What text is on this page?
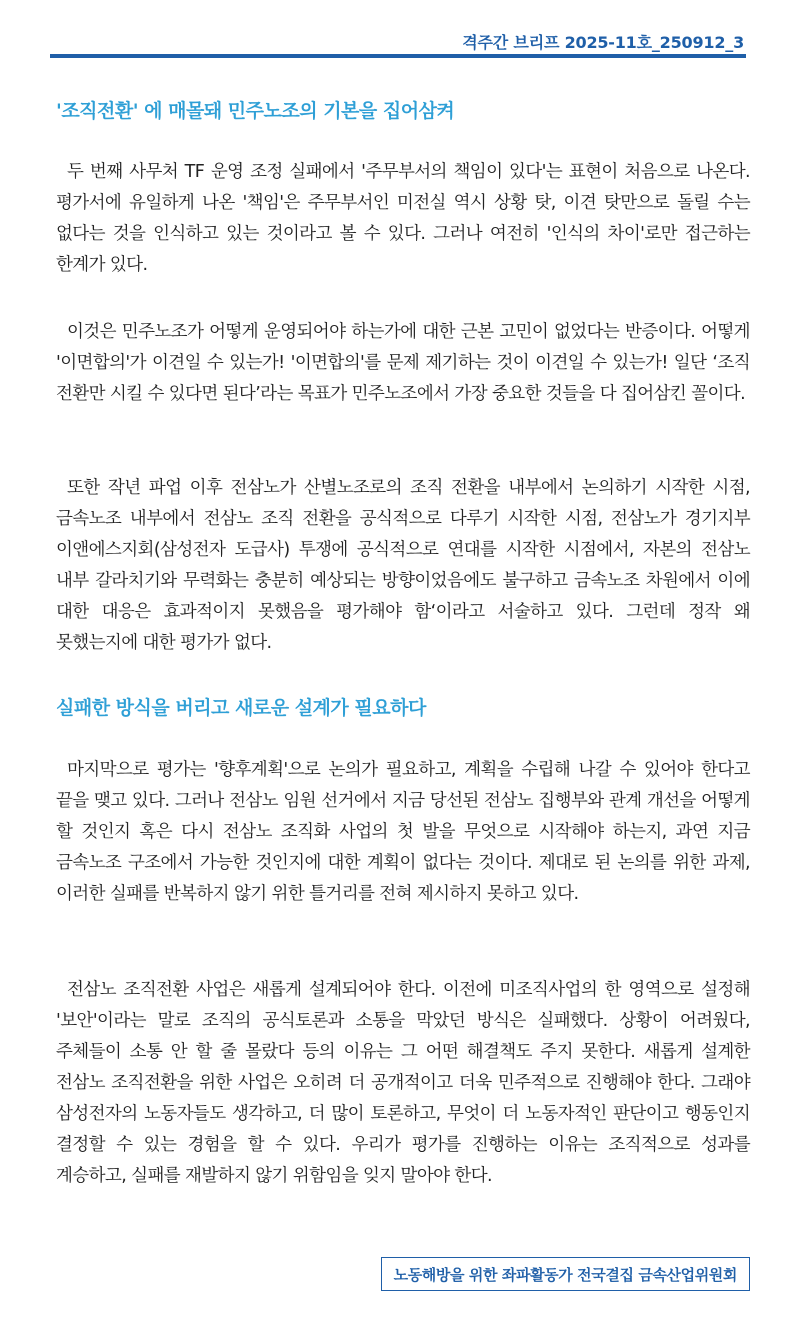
격주간 브리프 2025-11호_250912_3
'조직전환' 에 매몰돼 민주노조의 기본을 집어삼켜

두 번째 사무처 TF 운영 조정 실패에서 '주무부서의 책임이 있다'는 표현이 처음으로 나온다. 평가서에 유일하게 나온 '책임'은 주무부서인 미전실 역시 상황 탓, 이견 탓만으로 돌릴 수는 없다는 것을 인식하고 있는 것이라고 볼 수 있다. 그러나 여전히 '인식의 차이'로만 접근하는 한계가 있다.

이것은 민주노조가 어떻게 운영되어야 하는가에 대한 근본 고민이 없었다는 반증이다. 어떻게 '이면합의'가 이견일 수 있는가! '이면합의'를 문제 제기하는 것이 이견일 수 있는가! 일단 ‘조직 전환만 시킬 수 있다면 된다’라는 목표가 민주노조에서 가장 중요한 것들을 다 집어삼킨 꼴이다.

또한 작년 파업 이후 전삼노가 산별노조로의 조직 전환을 내부에서 논의하기 시작한 시점, 금속노조 내부에서 전삼노 조직 전환을 공식적으로 다루기 시작한 시점, 전삼노가 경기지부 이앤에스지회(삼성전자 도급사) 투쟁에 공식적으로 연대를 시작한 시점에서, 자본의 전삼노 내부 갈라치기와 무력화는 충분히 예상되는 방향이었음에도 불구하고 금속노조 차원에서 이에 대한 대응은 효과적이지 못했음을 평가해야 함‘이라고 서술하고 있다. 그런데 정작 왜 못했는지에 대한 평가가 없다.

실패한 방식을 버리고 새로운 설계가 필요하다

마지막으로 평가는 '향후계획'으로 논의가 필요하고, 계획을 수립해 나갈 수 있어야 한다고 끝을 맺고 있다. 그러나 전삼노 임원 선거에서 지금 당선된 전삼노 집행부와 관계 개선을 어떻게 할 것인지 혹은 다시 전삼노 조직화 사업의 첫 발을 무엇으로 시작해야 하는지, 과연 지금 금속노조 구조에서 가능한 것인지에 대한 계획이 없다는 것이다. 제대로 된 논의를 위한 과제, 이러한 실패를 반복하지 않기 위한 틀거리를 전혀 제시하지 못하고 있다.

전삼노 조직전환 사업은 새롭게 설계되어야 한다. 이전에 미조직사업의 한 영역으로 설정해 '보안'이라는 말로 조직의 공식토론과 소통을 막았던 방식은 실패했다. 상황이 어려웠다, 주체들이 소통 안 할 줄 몰랐다 등의 이유는 그 어떤 해결책도 주지 못한다. 새롭게 설계한 전삼노 조직전환을 위한 사업은 오히려 더 공개적이고 더욱 민주적으로 진행해야 한다. 그래야 삼성전자의 노동자들도 생각하고, 더 많이 토론하고, 무엇이 더 노동자적인 판단이고 행동인지 결정할 수 있는 경험을 할 수 있다. 우리가 평가를 진행하는 이유는 조직적으로 성과를 계승하고, 실패를 재발하지 않기 위함임을 잊지 말아야 한다.

노동해방을 위한 좌파활동가 전국결집 금속산업위원회
